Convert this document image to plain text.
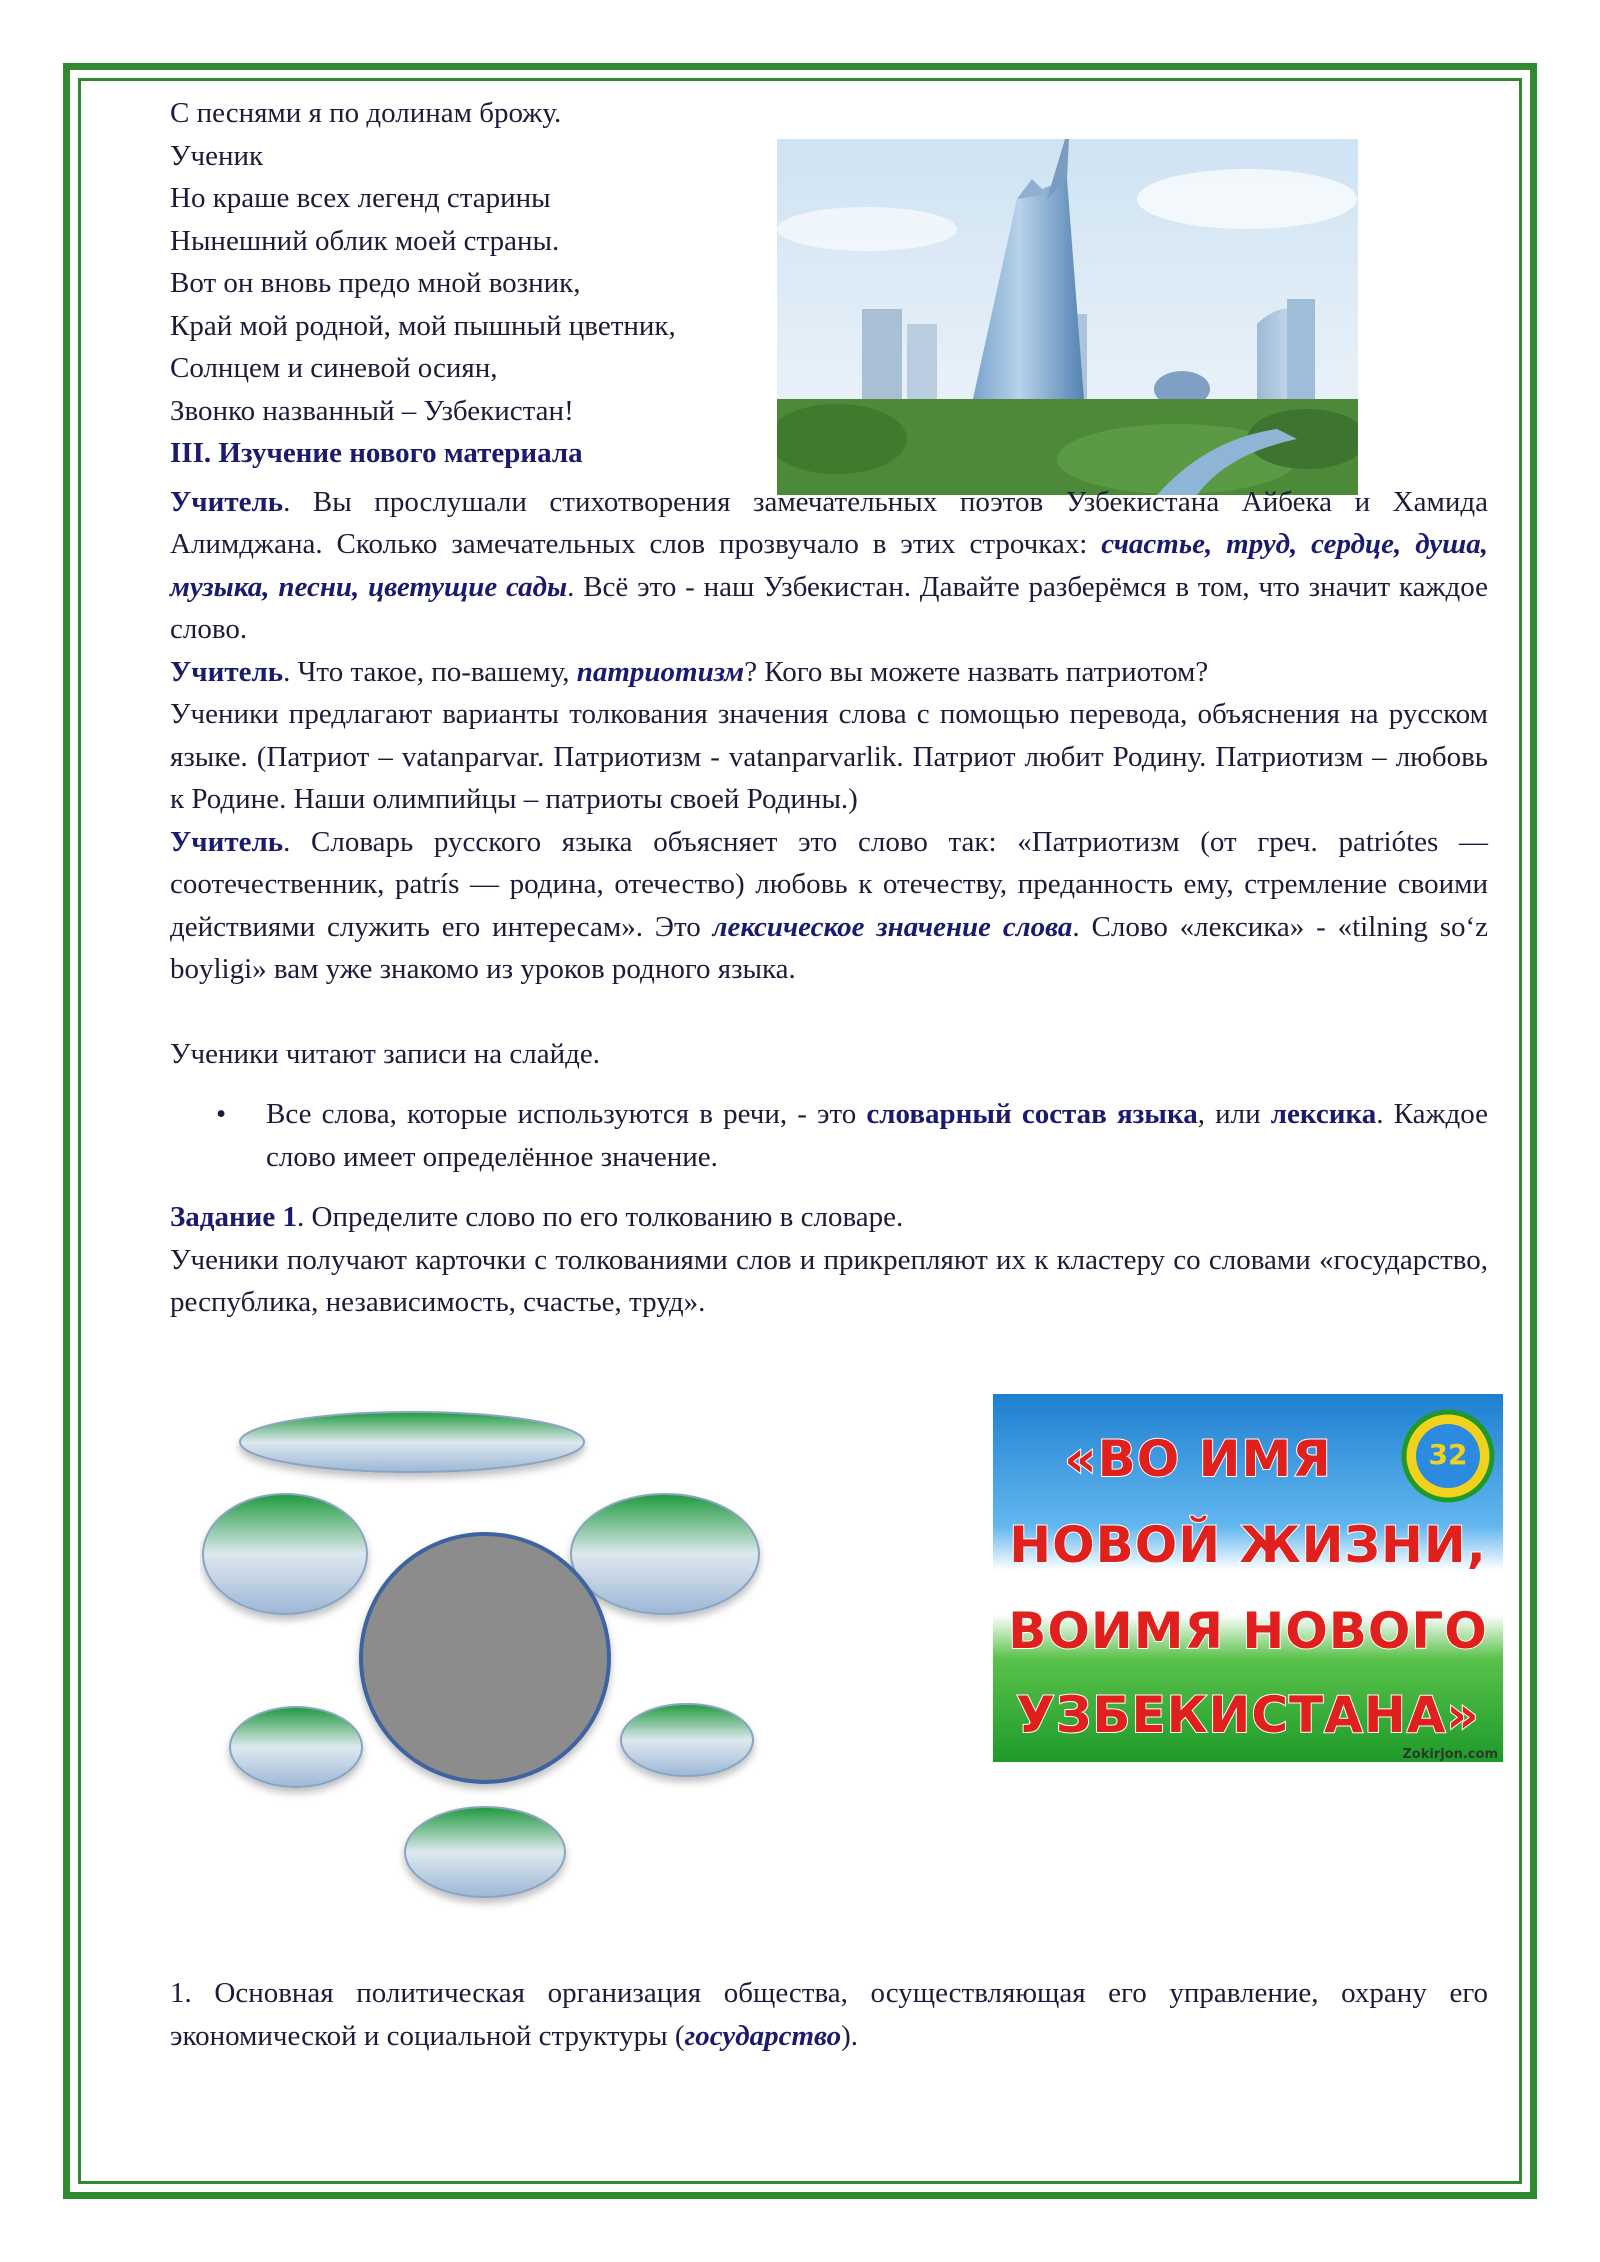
32
«ВО ИМЯ
НОВОЙ ЖИЗНИ,
ВОИМЯ НОВОГО
УЗБЕКИСТАНА»
Zokirjon.com
С песнями я по долинам брожу.
Ученик
Но краше всех легенд старины
Нынешний облик моей страны.
Вот он вновь предо мной возник,
Край мой родной, мой пышный цветник,
Солнцем и синевой осиян,
Звонко названный – Узбекистан!
III. Изучение нового материала

Учитель. Вы прослушали стихотворения замечательных поэтов Узбекистана Айбека и Хамида Алимджана. Сколько замечательных слов прозвучало в этих строчках: счастье, труд, сердце, душа, музыка, песни, цветущие сады. Всё это - наш Узбекистан. Давайте разберёмся в том, что значит каждое слово.

Учитель. Что такое, по-вашему, патриотизм? Кого вы можете назвать патриотом?

Ученики предлагают варианты толкования значения слова с помощью перевода, объяснения на русском языке. (Патриот – vatanparvar. Патриотизм - vatanparvarlik. Патриот любит Родину. Патриотизм – любовь к Родине. Наши олимпийцы – патриоты своей Родины.)

Учитель. Словарь русского языка объясняет это слово так: «Патриотизм (от греч. patriótes — соотечественник, patrís — родина, отечество) любовь к отечеству, преданность ему, стремление своими действиями служить его интересам». Это лексическое значение слова. Слово «лексика» - «tilning so‘z boyligi» вам уже знакомо из уроков родного языка.

Ученики читают записи на слайде.

• Все слова, которые используются в речи, - это словарный состав языка, или лексика. Каждое слово имеет определённое значение.

Задание 1. Определите слово по его толкованию в словаре.

Ученики получают карточки с толкованиями слов и прикрепляют их к кластеру со словами «государство, республика, независимость, счастье, труд».

1. Основная политическая организация общества, осуществляющая его управление, охрану его экономической и социальной структуры (государство).
